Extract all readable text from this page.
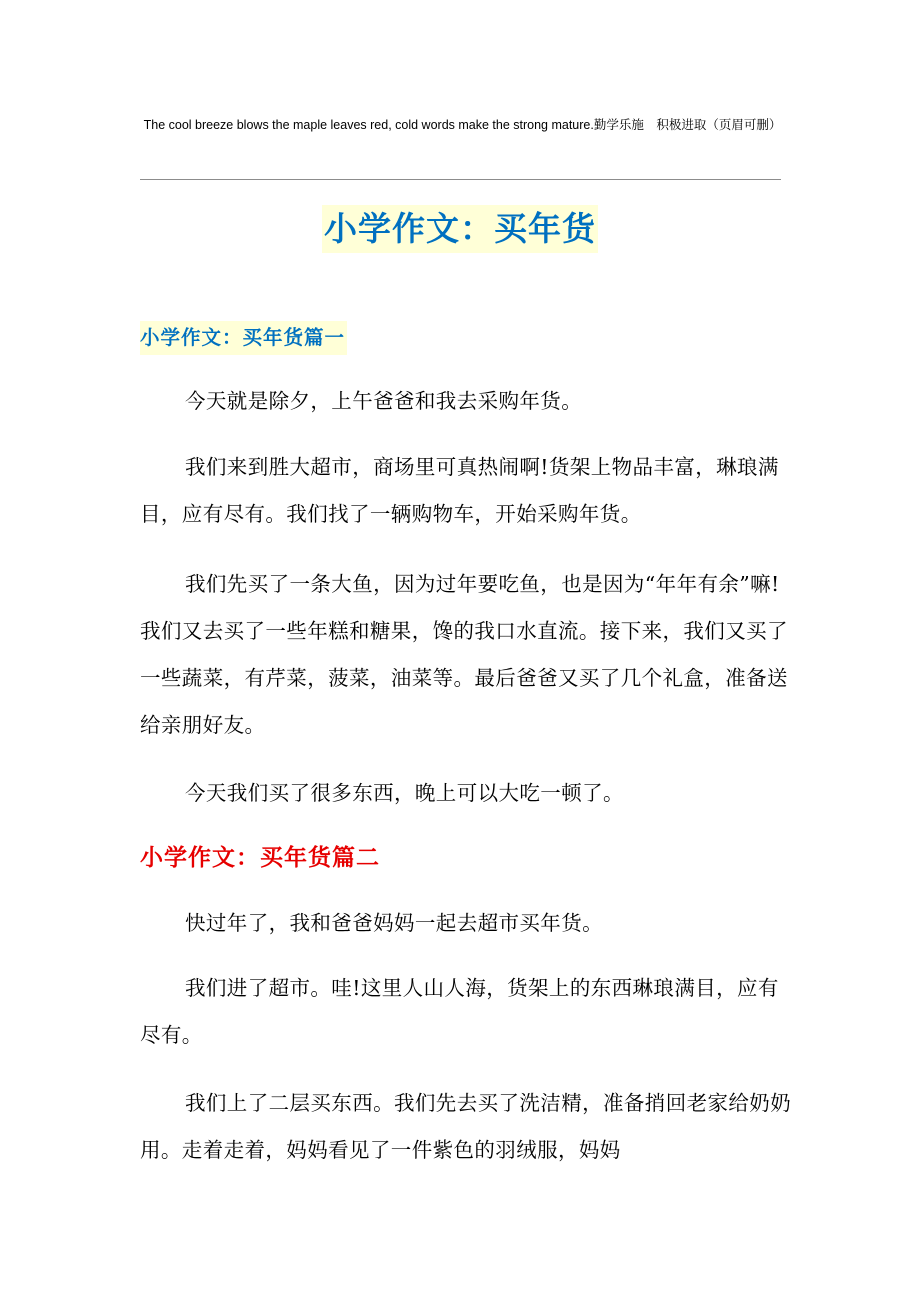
The cool breeze blows the maple leaves red, cold words make the strong mature.勤学乐施　积极进取（页眉可删）
小学作文：买年货
小学作文：买年货篇一

今天就是除夕，上午爸爸和我去采购年货。

我们来到胜大超市，商场里可真热闹啊!货架上物品丰富，琳琅满目，应有尽有。我们找了一辆购物车，开始采购年货。

我们先买了一条大鱼，因为过年要吃鱼，也是因为“年年有余”嘛!我们又去买了一些年糕和糖果，馋的我口水直流。接下来，我们又买了一些蔬菜，有芹菜，菠菜，油菜等。最后爸爸又买了几个礼盒，准备送给亲朋好友。

今天我们买了很多东西，晚上可以大吃一顿了。

小学作文：买年货篇二

快过年了，我和爸爸妈妈一起去超市买年货。

我们进了超市。哇!这里人山人海，货架上的东西琳琅满目，应有尽有。

我们上了二层买东西。我们先去买了洗洁精，准备捎回老家给奶奶用。走着走着，妈妈看见了一件紫色的羽绒服，妈妈
